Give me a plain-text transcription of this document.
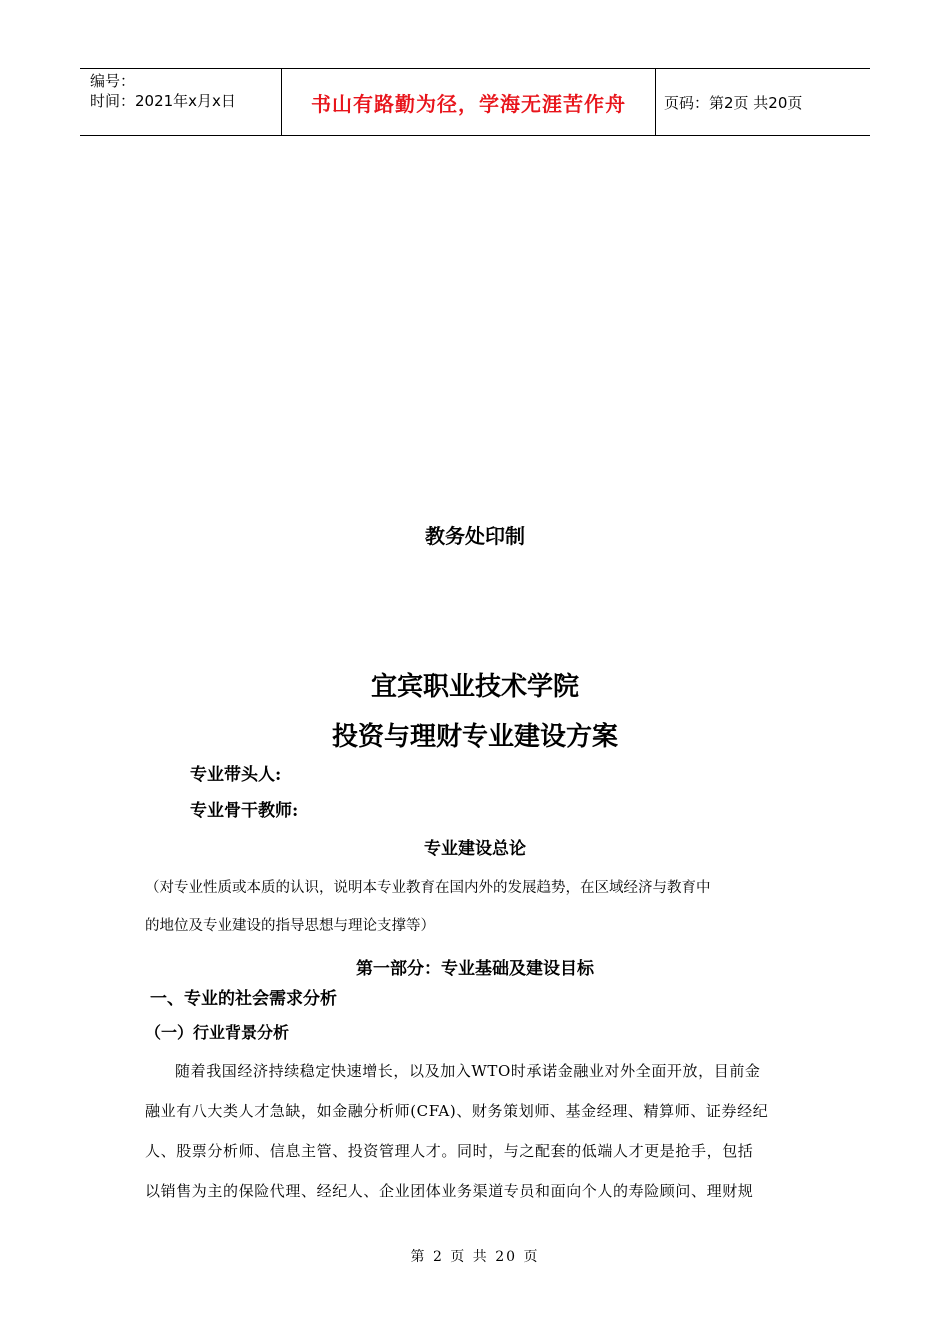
编号：
时间：2021年x月x日	书山有路勤为径，学海无涯苦作舟	页码：第2页 共20页
教务处印制
宜宾职业技术学院
投资与理财专业建设方案
专业带头人:
专业骨干教师:
专业建设总论
（对专业性质或本质的认识，说明本专业教育在国内外的发展趋势，在区域经济与教育中
的地位及专业建设的指导思想与理论支撑等）
第一部分：专业基础及建设目标
一、专业的社会需求分析
（一）行业背景分析
随着我国经济持续稳定快速增长，以及加入WTO时承诺金融业对外全面开放，目前金
融业有八大类人才急缺，如金融分析师(CFA)、财务策划师、基金经理、精算师、证券经纪
人、股票分析师、信息主管、投资管理人才。同时，与之配套的低端人才更是抢手，包括
以销售为主的保险代理、经纪人、企业团体业务渠道专员和面向个人的寿险顾问、理财规
第 2 页 共 20 页
